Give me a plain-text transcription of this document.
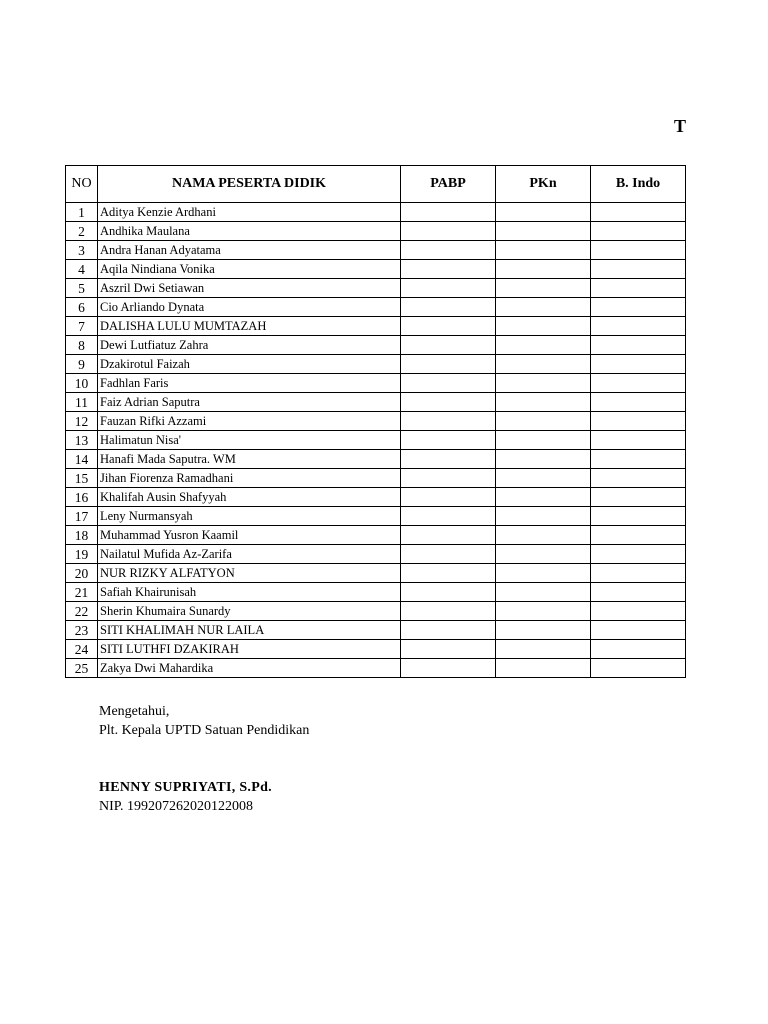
T
NO	NAMA PESERTA DIDIK	PABP	PKn	B. Indo
1	Aditya Kenzie Ardhani			
2	Andhika Maulana			
3	Andra Hanan Adyatama			
4	Aqila Nindiana Vonika			
5	Aszril Dwi Setiawan			
6	Cio Arliando Dynata			
7	DALISHA LULU MUMTAZAH			
8	Dewi Lutfiatuz Zahra			
9	Dzakirotul Faizah			
10	Fadhlan Faris			
11	Faiz Adrian Saputra			
12	Fauzan Rifki Azzami			
13	Halimatun Nisa'			
14	Hanafi Mada Saputra. WM			
15	Jihan Fiorenza Ramadhani			
16	Khalifah Ausin Shafyyah			
17	Leny Nurmansyah			
18	Muhammad Yusron Kaamil			
19	Nailatul Mufida Az-Zarifa			
20	NUR RIZKY ALFATYON			
21	Safiah Khairunisah			
22	Sherin Khumaira Sunardy			
23	SITI KHALIMAH NUR LAILA			
24	SITI LUTHFI DZAKIRAH			
25	Zakya Dwi Mahardika			
Mengetahui,
Plt. Kepala UPTD Satuan Pendidikan
HENNY SUPRIYATI, S.Pd.
NIP. 199207262020122008
